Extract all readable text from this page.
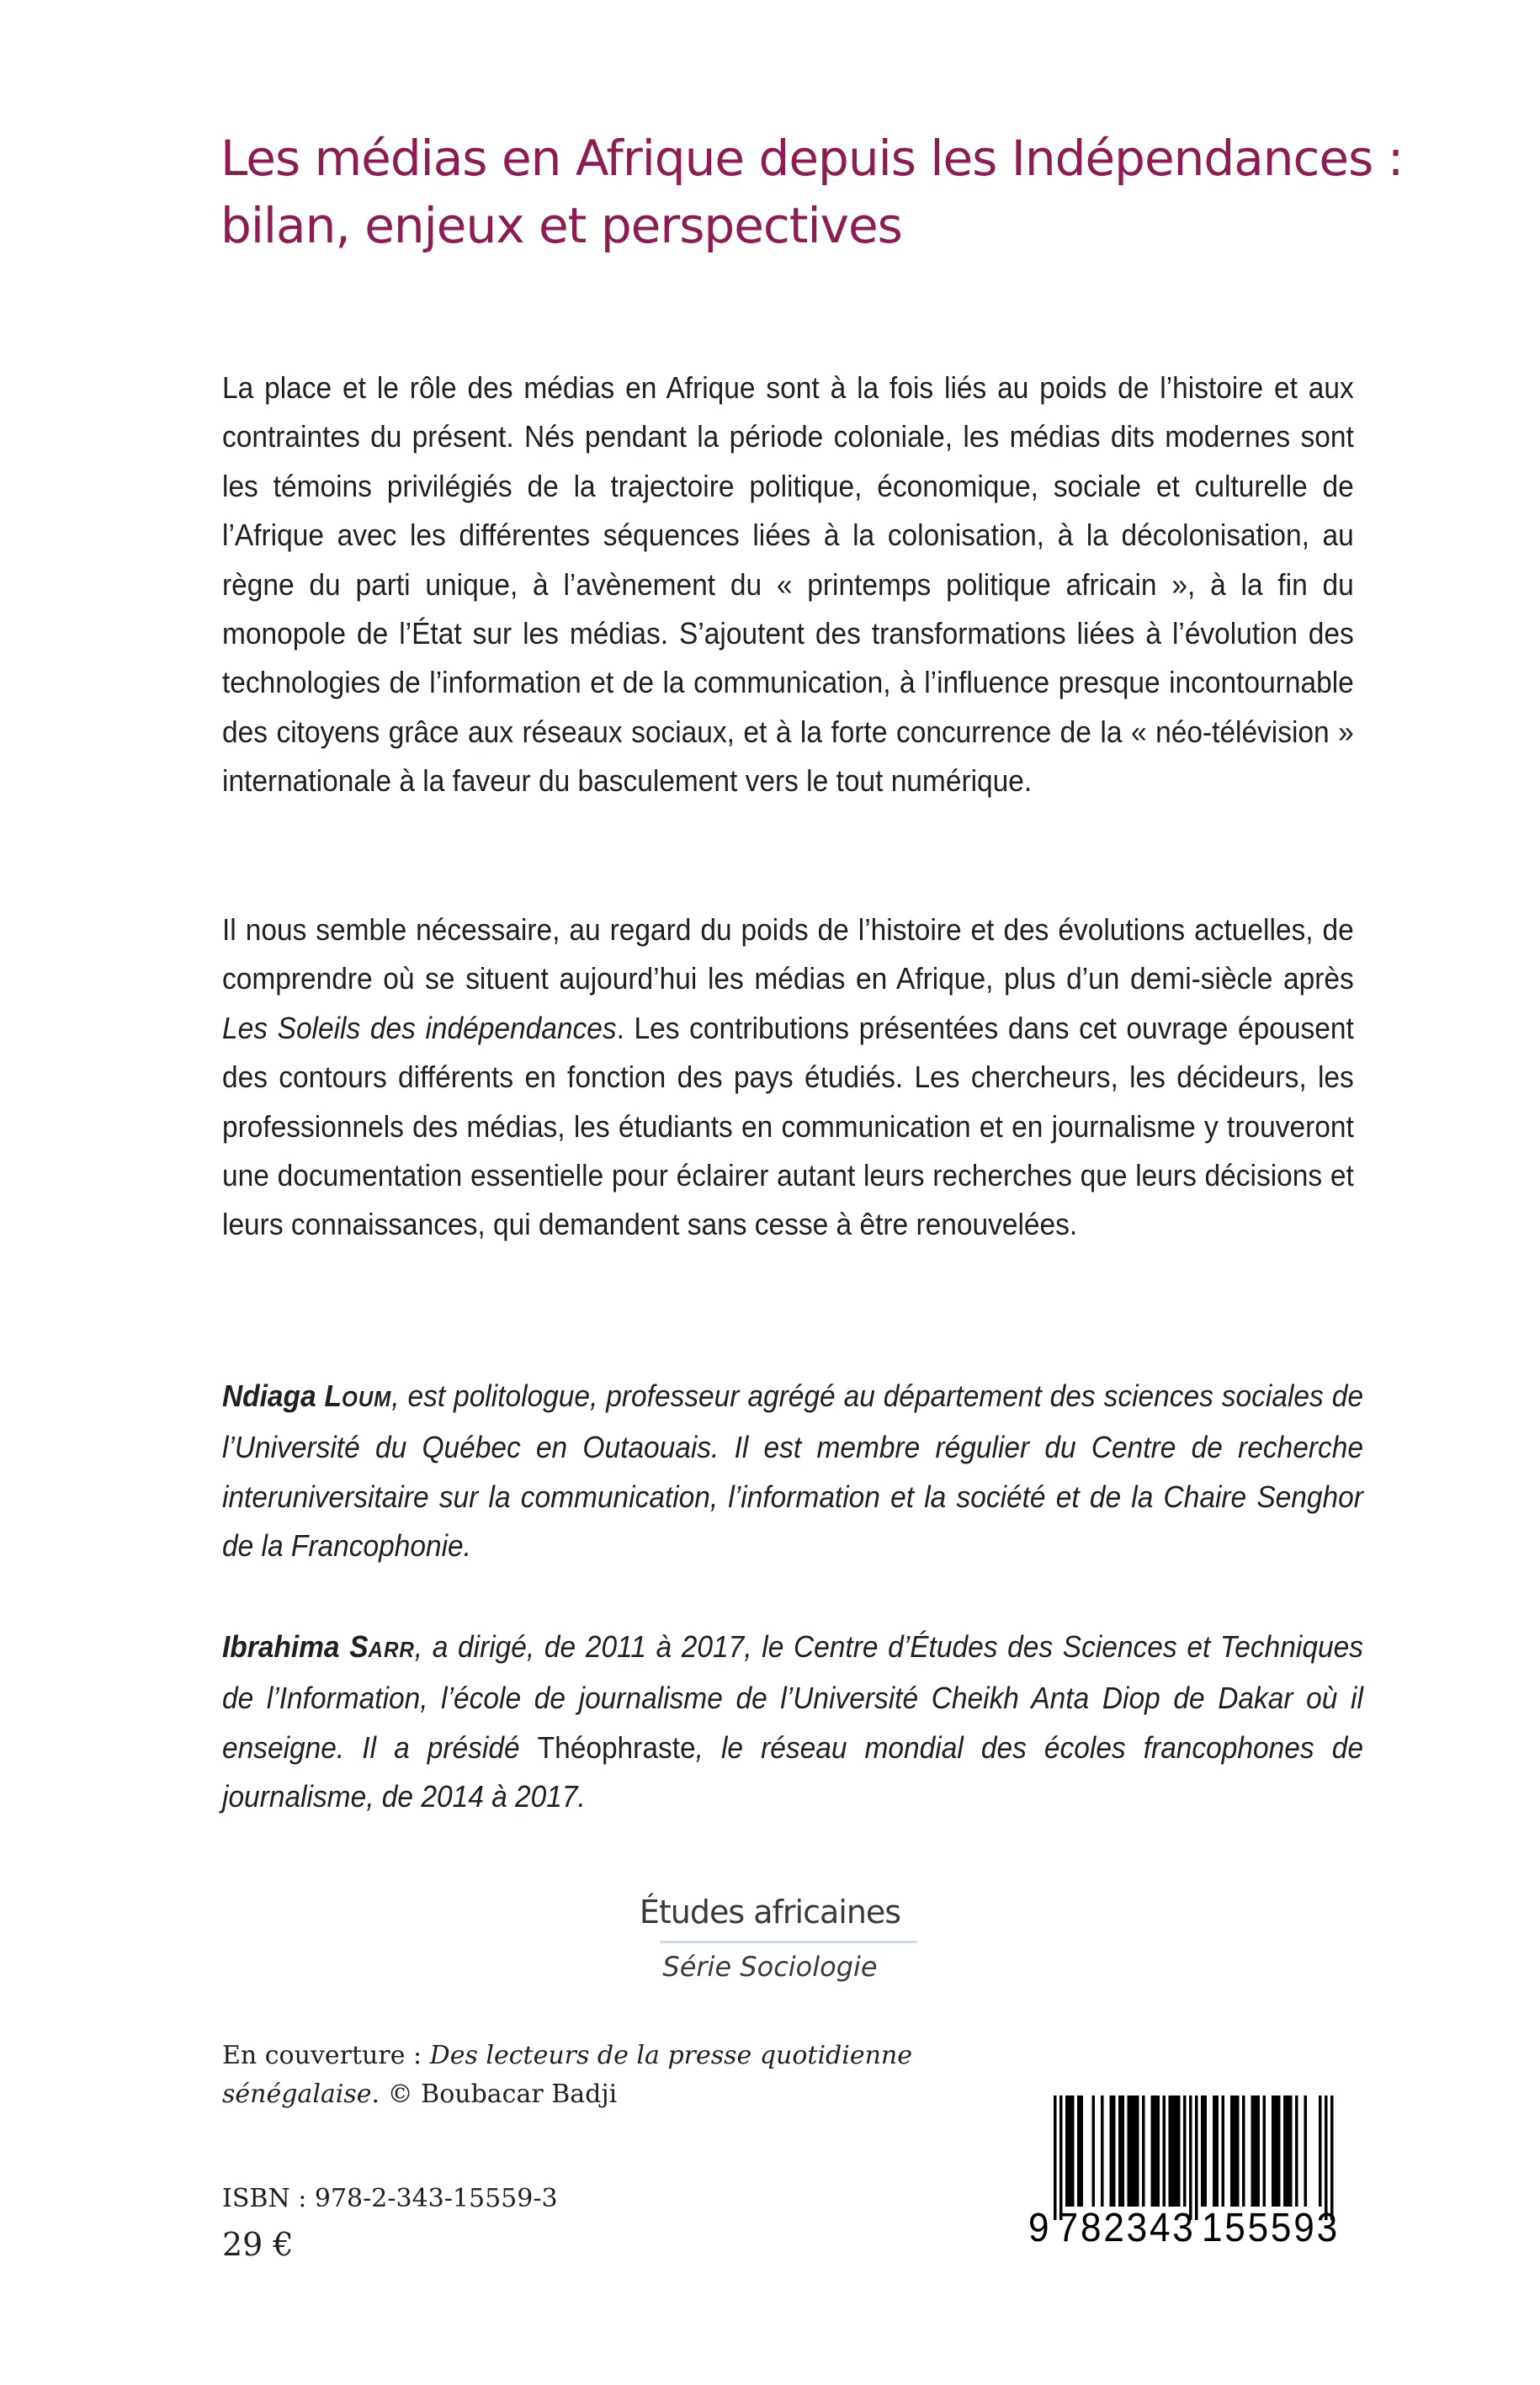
Les médias en Afrique depuis les Indépendances :
bilan, enjeux et perspectives

La place et le rôle des médias en Afrique sont à la fois liés au poids de l’histoire et aux contraintes du présent. Nés pendant la période coloniale, les médias dits modernes sont les témoins privilégiés de la trajectoire politique, économique, sociale et culturelle de l’Afrique avec les différentes séquences liées à la colonisation, à la décolonisation, au règne du parti unique, à l’avènement du « printemps politique africain », à la fin du monopole de l’État sur les médias. S’ajoutent des transformations liées à l’évolution des technologies de l’information et de la communication, à l’influence presque incontournable des citoyens grâce aux réseaux sociaux, et à la forte concurrence de la « néo-télévision » internationale à la faveur du basculement vers le tout numérique.

Il nous semble nécessaire, au regard du poids de l’histoire et des évolutions actuelles, de comprendre où se situent aujourd’hui les médias en Afrique, plus d’un demi-siècle après Les Soleils des indépendances. Les contributions présentées dans cet ouvrage épousent des contours différents en fonction des pays étudiés. Les chercheurs, les décideurs, les professionnels des médias, les étudiants en communication et en journalisme y trouveront une documentation essentielle pour éclairer autant leurs recherches que leurs décisions et leurs connaissances, qui demandent sans cesse à être renouvelées.

Ndiaga LOUM, est politologue, professeur agrégé au département des sciences sociales de l’Université du Québec en Outaouais. Il est membre régulier du Centre de recherche interuniversitaire sur la communication, l’information et la société et de la Chaire Senghor de la Francophonie.

Ibrahima SARR, a dirigé, de 2011 à 2017, le Centre d’Études des Sciences et Techniques de l’Information, l’école de journalisme de l’Université Cheikh Anta Diop de Dakar où il enseigne. Il a présidé Théophraste, le réseau mondial des écoles francophones de journalisme, de 2014 à 2017.

Études africaines
Série Sociologie
En couverture : Des lecteurs de la presse quotidienne sénégalaise. © Boubacar Badji
ISBN : 978-2-343-15559-3
29 €	9 782343 155593
